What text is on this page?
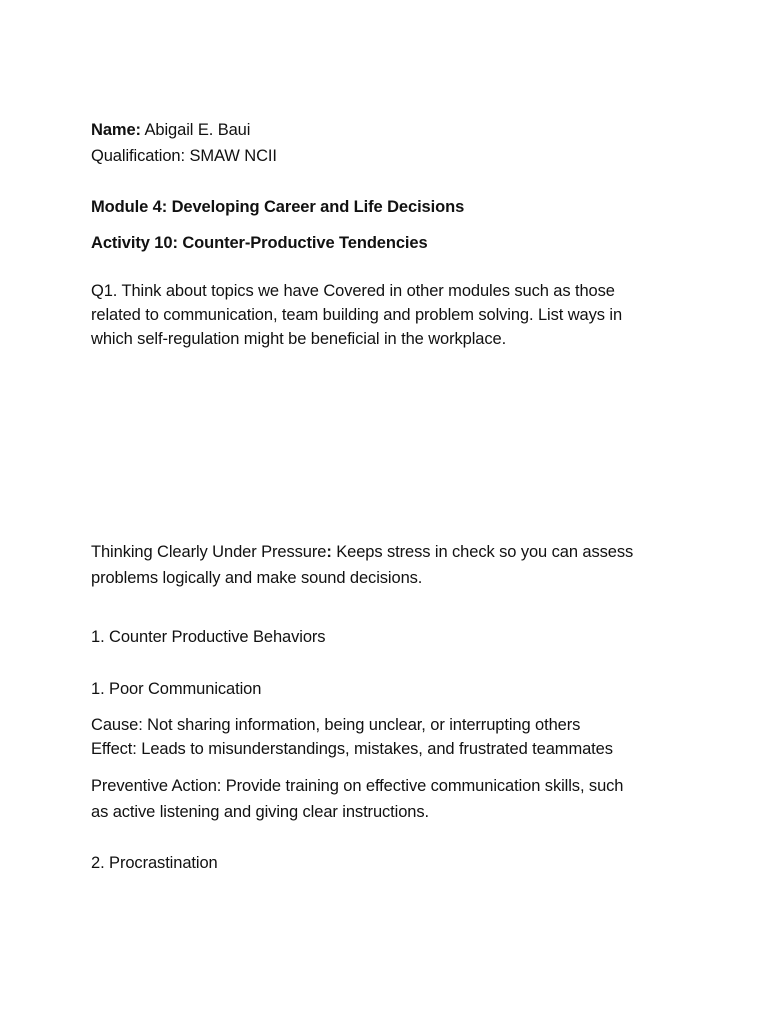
Name: Abigail E. Baui
Qualification: SMAW NCII
Module 4: Developing Career and Life Decisions
Activity 10: Counter-Productive Tendencies
Q1. Think about topics we have Covered in other modules such as those
related to communication, team building and problem solving. List ways in
which self-regulation might be beneficial in the workplace.
Thinking Clearly Under Pressure: Keeps stress in check so you can assess
problems logically and make sound decisions.
1. Counter Productive Behaviors
1. Poor Communication
Cause: Not sharing information, being unclear, or interrupting others
Effect: Leads to misunderstandings, mistakes, and frustrated teammates
Preventive Action: Provide training on effective communication skills, such
as active listening and giving clear instructions.
2. Procrastination
